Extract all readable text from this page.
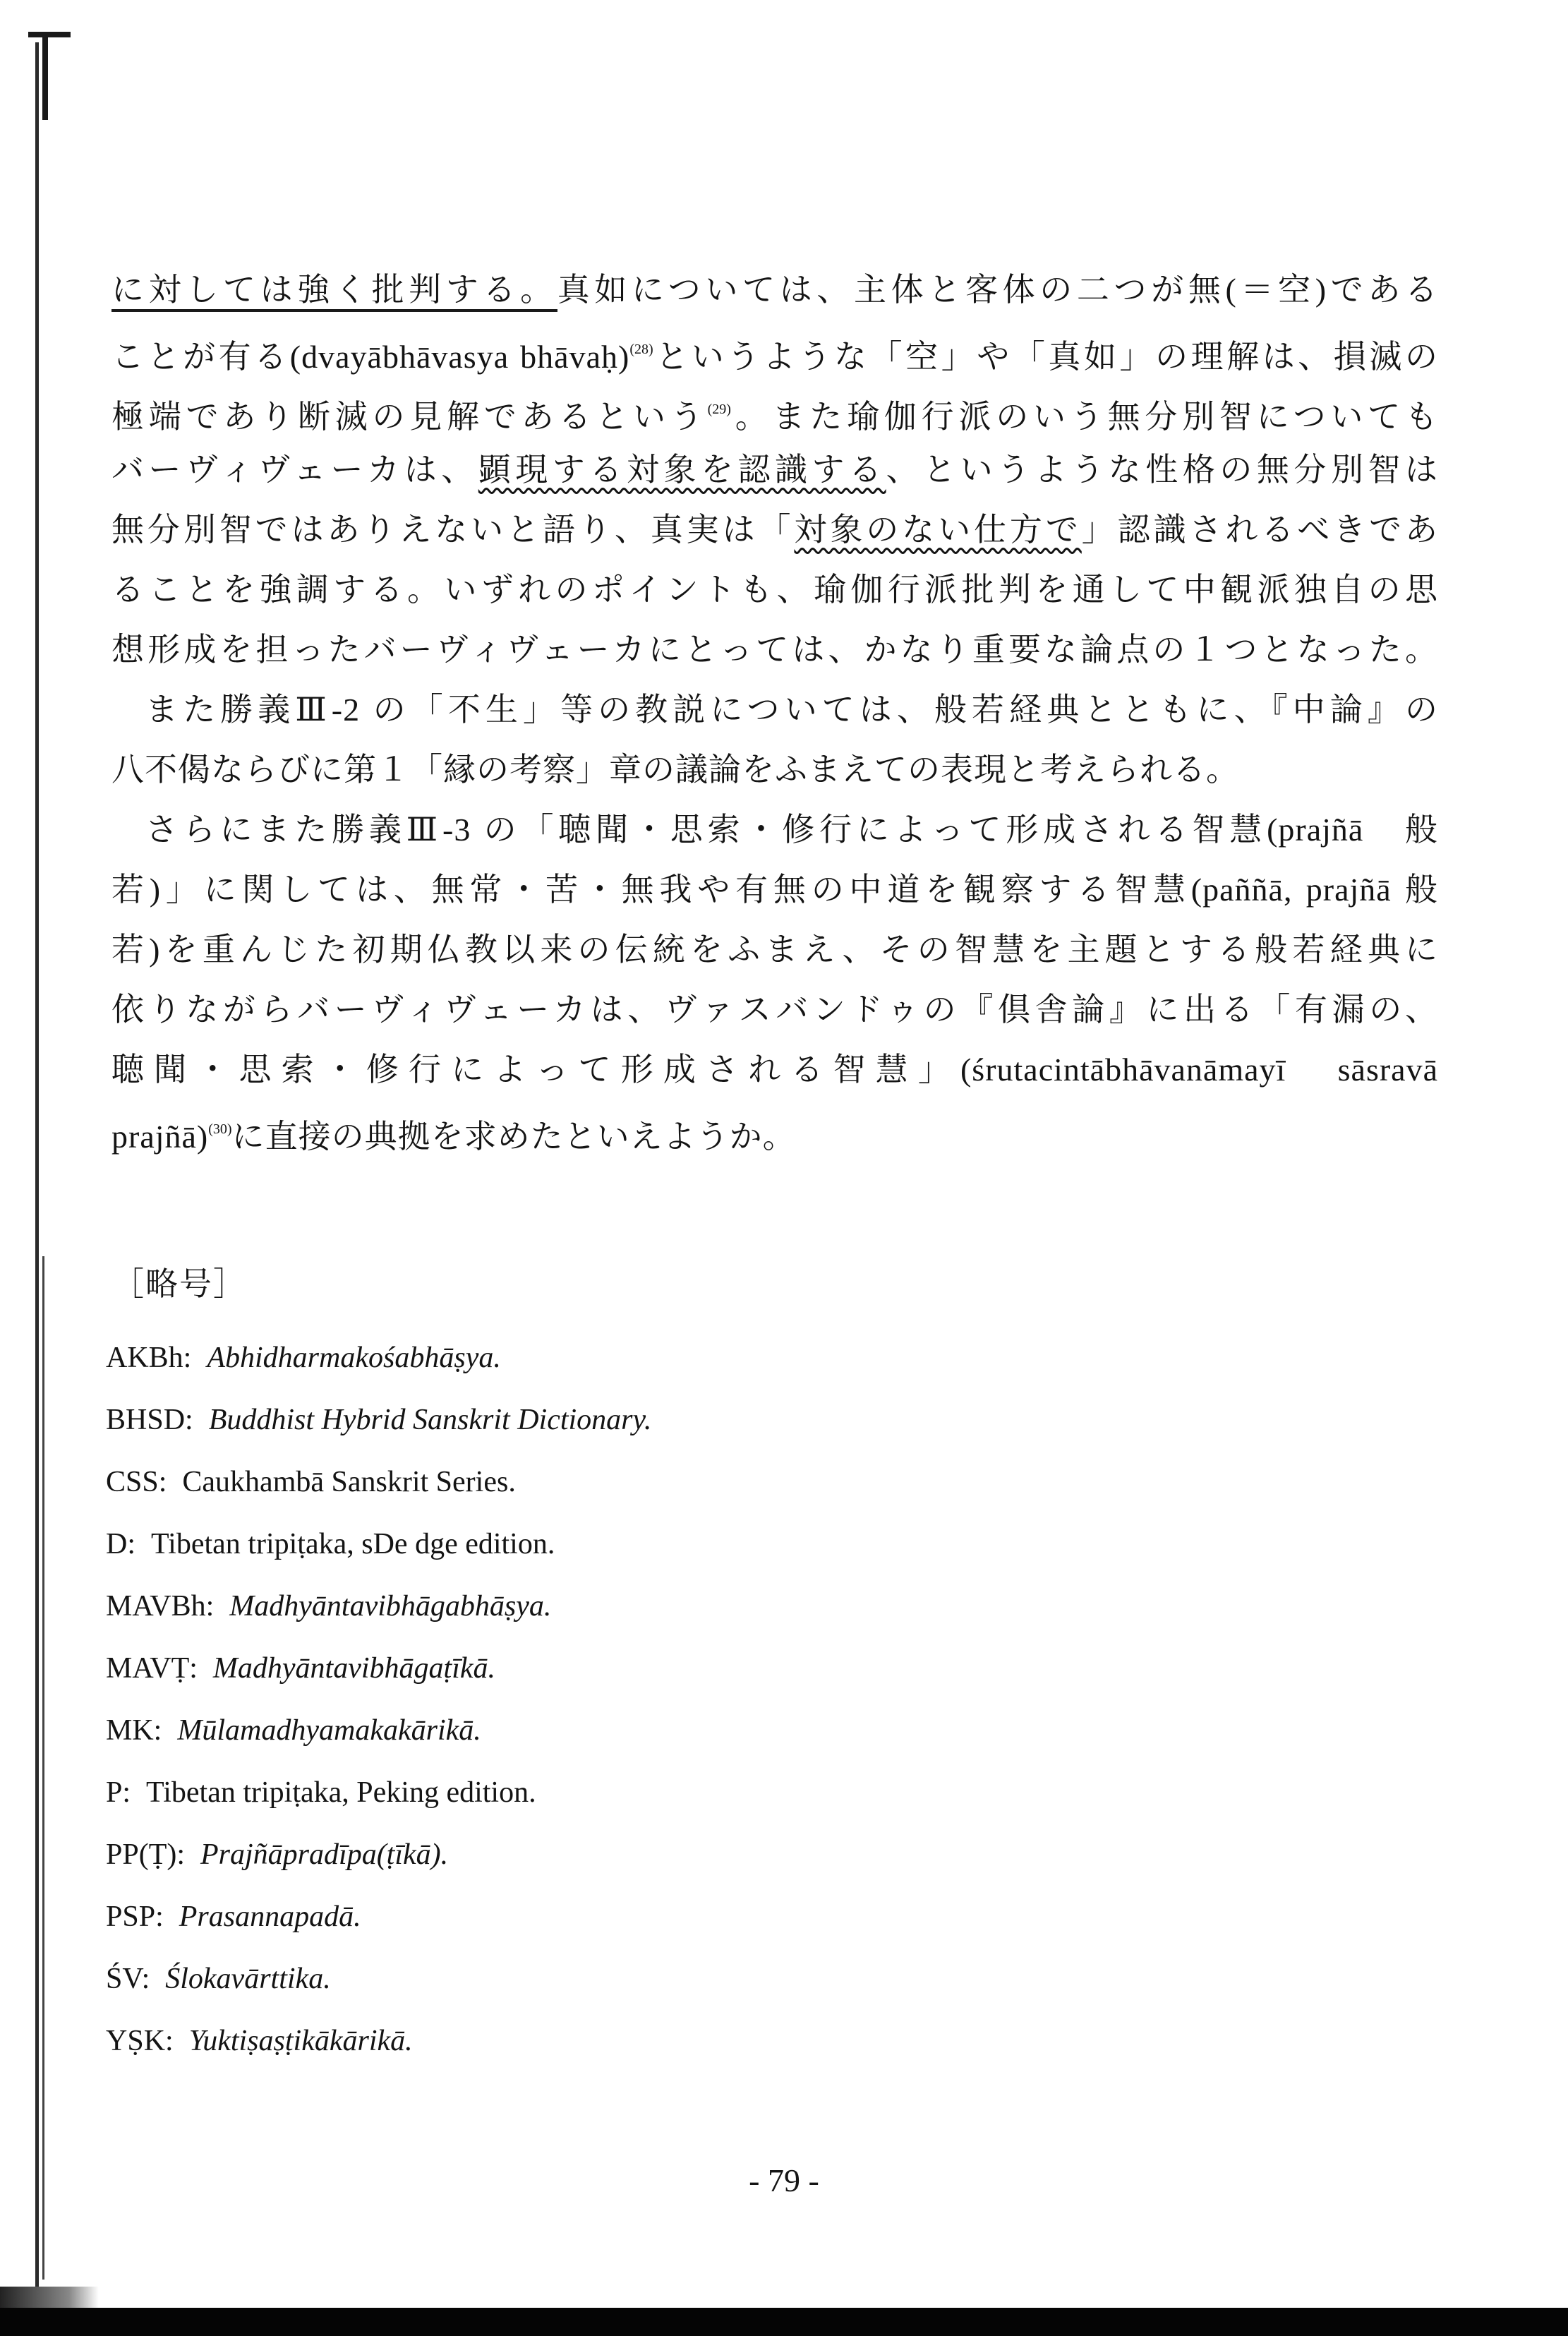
に対しては強く批判する。真如については、主体と客体の二つが無(＝空)である
ことが有る(dvayābhāvasya bhāvaḥ)$^{(28)}$というような「空」や「真如」の理解は、損滅の
極端であり断滅の見解であるという$^{(29)}$。また瑜伽行派のいう無分別智についても
バーヴィヴェーカは、顕現する対象を認識する、というような性格の無分別智は
無分別智ではありえないと語り、真実は「対象のない仕方で」認識されるべきであ
ることを強調する。いずれのポイントも、瑜伽行派批判を通して中観派独自の思
想形成を担ったバーヴィヴェーカにとっては、かなり重要な論点の１つとなった。
また勝義Ⅲ-2 の「不生」等の教説については、般若経典とともに、『中論』の
八不偈ならびに第１「縁の考察」章の議論をふまえての表現と考えられる。
さらにまた勝義Ⅲ-3 の「聴聞・思索・修行によって形成される智慧(prajñā　般
若)」に関しては、無常・苦・無我や有無の中道を観察する智慧(paññā, prajñā 般
若)を重んじた初期仏教以来の伝統をふまえ、その智慧を主題とする般若経典に
依りながらバーヴィヴェーカは、ヴァスバンドゥの『倶舎論』に出る「有漏の、
聴聞・思索・修行によって形成される智慧」(śrutacintābhāvanāmayī　sāsravā
prajñā)$^{(30)}$に直接の典拠を求めたといえようか。
［略号］
AKBh: Abhidharmakośabhāṣya.
BHSD: Buddhist Hybrid Sanskrit Dictionary.
CSS: Caukhambā Sanskrit Series.
D: Tibetan tripiṭaka, sDe dge edition.
MAVBh: Madhyāntavibhāgabhāṣya.
MAVṬ: Madhyāntavibhāgaṭīkā.
MK: Mūlamadhyamakakārikā.
P: Tibetan tripiṭaka, Peking edition.
PP(Ṭ): Prajñāpradīpa(ṭīkā).
PSP: Prasannapadā.
ŚV: Ślokavārttika.
YṢK: Yuktiṣaṣṭikākārikā.
- 79 -
